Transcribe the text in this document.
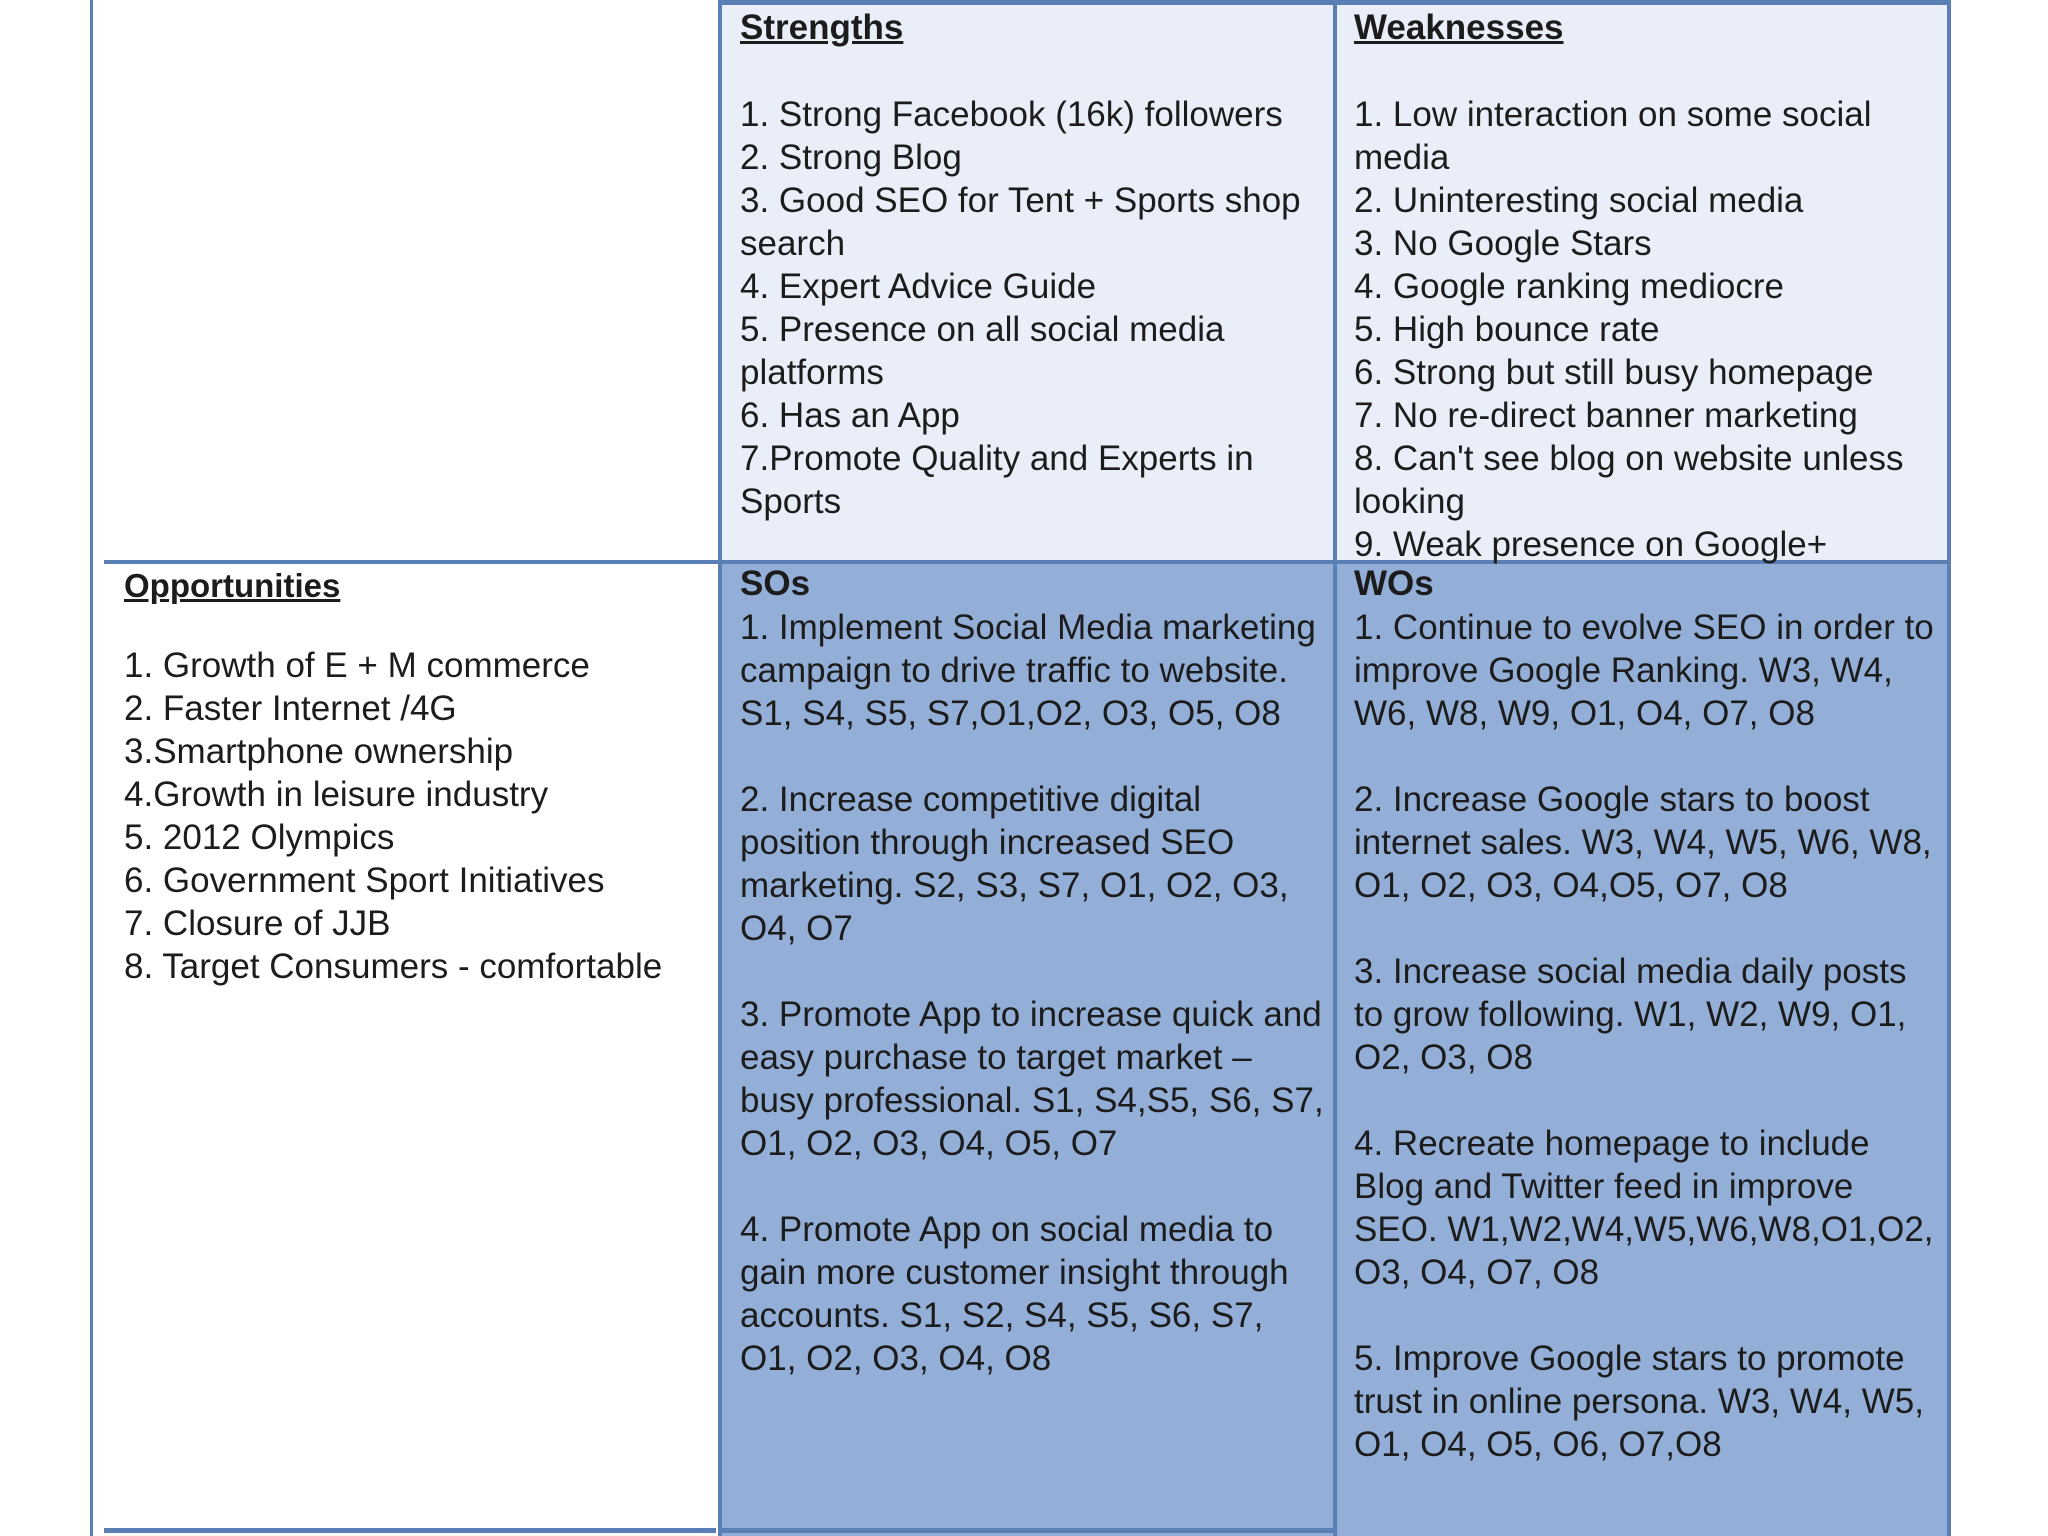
Strengths
1. Strong Facebook (16k) followers
2. Strong Blog
3. Good SEO for Tent + Sports shop search
4. Expert Advice Guide
5. Presence on all social media platforms
6. Has an App
7.Promote Quality and Experts in Sports
Weaknesses
1. Low interaction on some social media
2. Uninteresting social media
3. No Google Stars
4. Google ranking mediocre
5. High bounce rate
6. Strong but still busy homepage
7. No re-direct banner marketing
8. Can't see blog on website unless looking
9. Weak presence on Google+
Opportunities
1. Growth of E + M commerce
2. Faster Internet /4G
3.Smartphone ownership
4.Growth in leisure industry
5. 2012 Olympics
6. Government Sport Initiatives
7. Closure of JJB
8. Target Consumers - comfortable
SOs
1. Implement Social Media marketing campaign to drive traffic to website. S1, S4, S5, S7,O1,O2, O3, O5, O8
2. Increase competitive digital position through increased SEO marketing. S2, S3, S7, O1, O2, O3, O4, O7
3. Promote App to increase quick and easy purchase to target market – busy professional. S1, S4,S5, S6, S7, O1, O2, O3, O4, O5, O7
4. Promote App on social media to gain more customer insight through accounts. S1, S2, S4, S5, S6, S7, O1, O2, O3, O4, O8
WOs
1. Continue to evolve SEO in order to improve Google Ranking. W3, W4, W6, W8, W9, O1, O4, O7, O8
2. Increase Google stars to boost internet sales. W3, W4, W5, W6, W8, O1, O2, O3, O4,O5, O7, O8
3. Increase social media daily posts to grow following. W1, W2, W9, O1, O2, O3, O8
4. Recreate homepage to include Blog and Twitter feed in improve SEO. W1,W2,W4,W5,W6,W8,O1,O2, O3, O4, O7, O8
5. Improve Google stars to promote trust in online persona. W3, W4, W5, O1, O4, O5, O6, O7,O8
